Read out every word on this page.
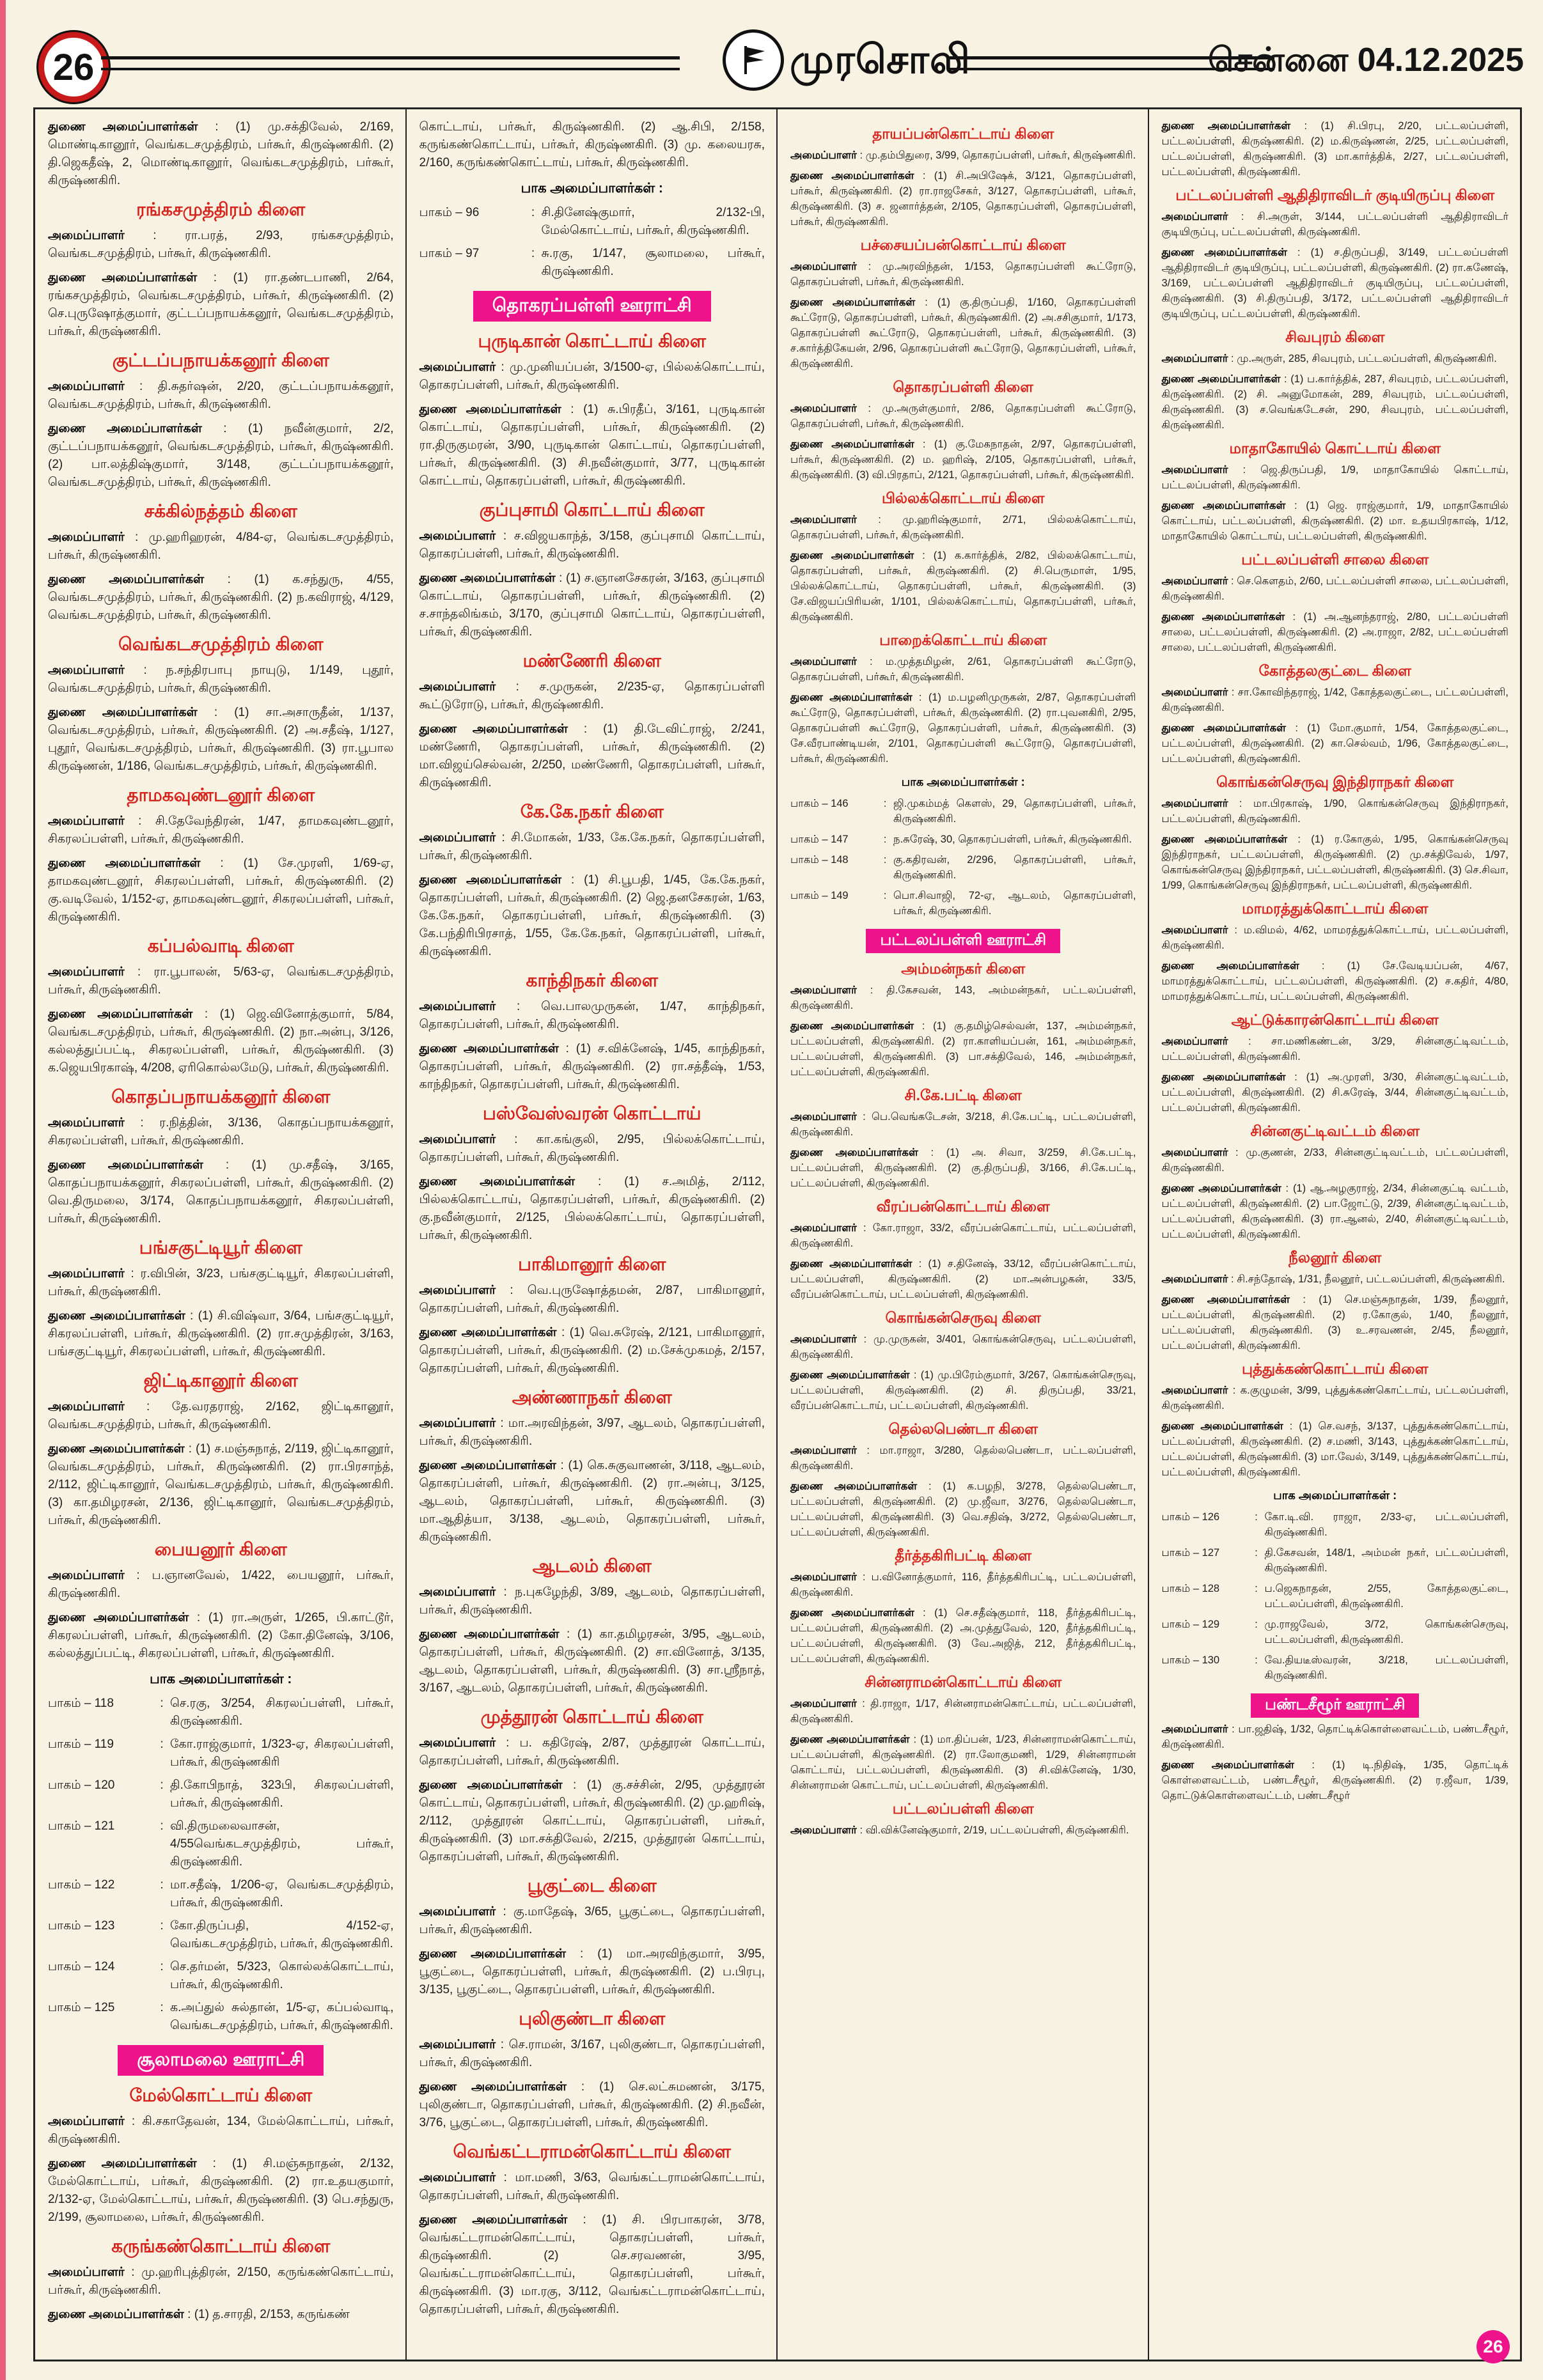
26	முரசொலி	சென்னை 04.12.2025

துணை அமைப்பாளர்கள் : (1) மு.சக்திவேல், 2/169, மொண்டிகானூர், வெங்கடசமுத்திரம், பர்கூர், கிருஷ்ணகிரி. (2) தி.ஜெகதீஷ், 2, மொண்டிகானூர், வெங்கடசமுத்திரம், பர்கூர், கிருஷ்ணகிரி.

ரங்கசமுத்திரம் கிளை

அமைப்பாளர் : ரா.பரத், 2/93, ரங்கசமுத்திரம், வெங்கடசமுத்திரம், பர்கூர், கிருஷ்ணகிரி.

துணை அமைப்பாளர்கள் : (1) ரா.தண்டபாணி, 2/64, ரங்கசமுத்திரம், வெங்கடசமுத்திரம், பர்கூர், கிருஷ்ணகிரி. (2) செ.புருஷோத்குமார், குட்டப்பநாயக்கனூர், வெங்கடசமுத்திரம், பர்கூர், கிருஷ்ணகிரி.

குட்டப்பநாயக்கனூர் கிளை

அமைப்பாளர் : தி.சுதர்ஷன், 2/20, குட்டப்பநாயக்கனூர், வெங்கடசமுத்திரம், பர்கூர், கிருஷ்ணகிரி.

துணை அமைப்பாளர்கள் : (1) நவீன்குமார், 2/2, குட்டப்பநாயக்கனூர், வெங்கடசமுத்திரம், பர்கூர், கிருஷ்ணகிரி. (2) பா.லத்திஷ்குமார், 3/148, குட்டப்பநாயக்கனூர், வெங்கடசமுத்திரம், பர்கூர், கிருஷ்ணகிரி.

சக்கில்நத்தம் கிளை

அமைப்பாளர் : மு.ஹரிஹரன், 4/84-ஏ, வெங்கடசமுத்திரம், பர்கூர், கிருஷ்ணகிரி.

துணை அமைப்பாளர்கள் : (1) க.சந்துரு, 4/55, வெங்கடசமுத்திரம், பர்கூர், கிருஷ்ணகிரி. (2) ந.கவிராஜ், 4/129, வெங்கடசமுத்திரம், பர்கூர், கிருஷ்ணகிரி.

வெங்கடசமுத்திரம் கிளை

அமைப்பாளர் : ந.சந்திரபாபு நாயுடு, 1/149, புதூர், வெங்கடசமுத்திரம், பர்கூர், கிருஷ்ணகிரி.

துணை அமைப்பாளர்கள் : (1) சா.அசாருதீன், 1/137, வெங்கடசமுத்திரம், பர்கூர், கிருஷ்ணகிரி. (2) அ.சதீஷ், 1/127, புதூர், வெங்கடசமுத்திரம், பர்கூர், கிருஷ்ணகிரி. (3) ரா.பூபால கிருஷ்ணன், 1/186, வெங்கடசமுத்திரம், பர்கூர், கிருஷ்ணகிரி.

தாமகவுண்டனூர் கிளை

அமைப்பாளர் : சி.தேவேந்திரன், 1/47, தாமகவுண்டனூர், சிகரலப்பள்ளி, பர்கூர், கிருஷ்ணகிரி.

துணை அமைப்பாளர்கள் : (1) சே.முரளி, 1/69-ஏ, தாமகவுண்டனூர், சிகரலப்பள்ளி, பர்கூர், கிருஷ்ணகிரி. (2) கு.வடிவேல், 1/152-ஏ, தாமகவுண்டனூர், சிகரலப்பள்ளி, பர்கூர், கிருஷ்ணகிரி.

கப்பல்வாடி கிளை

அமைப்பாளர் : ரா.பூபாலன், 5/63-ஏ, வெங்கடசமுத்திரம், பர்கூர், கிருஷ்ணகிரி.

துணை அமைப்பாளர்கள் : (1) ஜெ.வினோத்குமார், 5/84, வெங்கடசமுத்திரம், பர்கூர், கிருஷ்ணகிரி. (2) நா.அன்பு, 3/126, கல்லத்துப்பட்டி, சிகரலப்பள்ளி, பர்கூர், கிருஷ்ணகிரி. (3) க.ஜெயபிரகாஷ், 4/208, ஏரிகொல்லமேடு, பர்கூர், கிருஷ்ணகிரி.

கொதப்பநாயக்கனூர் கிளை

அமைப்பாளர் : ர.நித்தின், 3/136, கொதப்பநாயக்கனூர், சிகரலப்பள்ளி, பர்கூர், கிருஷ்ணகிரி.

துணை அமைப்பாளர்கள் : (1) மு.சதீஷ், 3/165, கொதப்பநாயக்கனூர், சிகரலப்பள்ளி, பர்கூர், கிருஷ்ணகிரி. (2) வெ.திருமலை, 3/174, கொதப்பநாயக்கனூர், சிகரலப்பள்ளி, பர்கூர், கிருஷ்ணகிரி.

பங்சகுட்டியூர் கிளை

அமைப்பாளர் : ர.விபின், 3/23, பங்சகுட்டியூர், சிகரலப்பள்ளி, பர்கூர், கிருஷ்ணகிரி.

துணை அமைப்பாளர்கள் : (1) சி.விஷ்வா, 3/64, பங்சகுட்டியூர், சிகரலப்பள்ளி, பர்கூர், கிருஷ்ணகிரி. (2) ரா.சமுத்திரன், 3/163, பங்சகுட்டியூர், சிகரலப்பள்ளி, பர்கூர், கிருஷ்ணகிரி.

ஜிட்டிகானூர் கிளை

அமைப்பாளர் : தே.வரதராஜ், 2/162, ஜிட்டிகானூர், வெங்கடசமுத்திரம், பர்கூர், கிருஷ்ணகிரி.

துணை அமைப்பாளர்கள் : (1) ச.மஞ்சுநாத், 2/119, ஜிட்டிகானூர், வெங்கடசமுத்திரம், பர்கூர், கிருஷ்ணகிரி. (2) ரா.பிரசாந்த், 2/112, ஜிட்டிகானூர், வெங்கடசமுத்திரம், பர்கூர், கிருஷ்ணகிரி. (3) கா.தமிழரசன், 2/136, ஜிட்டிகானூர், வெங்கடசமுத்திரம், பர்கூர், கிருஷ்ணகிரி.

பையனூர் கிளை

அமைப்பாளர் : ப.ஞானவேல், 1/422, பையனூர், பர்கூர், கிருஷ்ணகிரி.

துணை அமைப்பாளர்கள் : (1) ரா.அருள், 1/265, பி.காட்டூர், சிகரலப்பள்ளி, பர்கூர், கிருஷ்ணகிரி. (2) கோ.தினேஷ், 3/106, கல்லத்துப்பட்டி, சிகரலப்பள்ளி, பர்கூர், கிருஷ்ணகிரி.

பாக அமைப்பாளர்கள் :
பாகம் – 118	: செ.ரகு, 3/254, சிகரலப்பள்ளி, பர்கூர், கிருஷ்ணகிரி.
பாகம் – 119	: கோ.ராஜ்குமார், 1/323-ஏ, சிகரலப்பள்ளி, பர்கூர், கிருஷ்ணகிரி
பாகம் – 120	: தி.கோபிநாத், 323பி, சிகரலப்பள்ளி, பர்கூர், கிருஷ்ணகிரி.
பாகம் – 121	: வி.திருமலைவாசன், 4/55வெங்கடசமுத்திரம், பர்கூர், கிருஷ்ணகிரி.
பாகம் – 122	: மா.சதீஷ், 1/206-ஏ, வெங்கடசமுத்திரம், பர்கூர், கிருஷ்ணகிரி.
பாகம் – 123	: கோ.திருப்பதி, 4/152-ஏ, வெங்கடசமுத்திரம், பர்கூர், கிருஷ்ணகிரி.
பாகம் – 124	: செ.தர்மன், 5/323, கொல்லக்கொட்டாய், பர்கூர், கிருஷ்ணகிரி.
பாகம் – 125	: க.அப்துல் சுல்தான், 1/5-ஏ, கப்பல்வாடி, வெங்கடசமுத்திரம், பர்கூர், கிருஷ்ணகிரி.
சூலாமலை ஊராட்சி
மேல்கொட்டாய் கிளை

அமைப்பாளர் : கி.சகாதேவன், 134, மேல்கொட்டாய், பர்கூர், கிருஷ்ணகிரி.

துணை அமைப்பாளர்கள் : (1) சி.மஞ்சுநாதன், 2/132, மேல்கொட்டாய், பர்கூர், கிருஷ்ணகிரி. (2) ரா.உதயகுமார், 2/132-ஏ, மேல்கொட்டாய், பர்கூர், கிருஷ்ணகிரி. (3) பெ.சந்துரு, 2/199, சூலாமலை, பர்கூர், கிருஷ்ணகிரி.

கருங்கண்கொட்டாய் கிளை

அமைப்பாளர் : மு.ஹரிபுத்திரன், 2/150, கருங்கண்கொட்டாய், பர்கூர், கிருஷ்ணகிரி.

துணை அமைப்பாளர்கள் : (1) த.சாரதி, 2/153, கருங்கண்

கொட்டாய், பர்கூர், கிருஷ்ணகிரி. (2) ஆ.சிபி, 2/158, கருங்கண்கொட்டாய், பர்கூர், கிருஷ்ணகிரி. (3) மு. கலையரசு, 2/160, கருங்கண்கொட்டாய், பர்கூர், கிருஷ்ணகிரி.

பாக அமைப்பாளர்கள் :
பாகம் – 96	: சி.தினேஷ்குமார், 2/132-பி, மேல்கொட்டாய், பர்கூர், கிருஷ்ணகிரி.
பாகம் – 97	: சு.ரகு, 1/147, சூலாமலை, பர்கூர், கிருஷ்ணகிரி.
தொகரப்பள்ளி ஊராட்சி
புருடிகான் கொட்டாய் கிளை

அமைப்பாளர் : மு.முனியப்பன், 3/1500-ஏ, பில்லக்கொட்டாய், தொகரப்பள்ளி, பர்கூர், கிருஷ்ணகிரி.

துணை அமைப்பாளர்கள் : (1) சு.பிரதீப், 3/161, புருடிகான் கொட்டாய், தொகரப்பள்ளி, பர்கூர், கிருஷ்ணகிரி. (2) ரா.திருகுமரன், 3/90, புருடிகான் கொட்டாய், தொகரப்பள்ளி, பர்கூர், கிருஷ்ணகிரி. (3) சி.நவீன்குமார், 3/77, புருடிகான் கொட்டாய், தொகரப்பள்ளி, பர்கூர், கிருஷ்ணகிரி.

குப்புசாமி கொட்டாய் கிளை

அமைப்பாளர் : ச.விஜயகாந்த், 3/158, குப்புசாமி கொட்டாய், தொகரப்பள்ளி, பர்கூர், கிருஷ்ணகிரி.

துணை அமைப்பாளர்கள் : (1) ச.ஞானசேகரன், 3/163, குப்புசாமி கொட்டாய், தொகரப்பள்ளி, பர்கூர், கிருஷ்ணகிரி. (2) ச.சாந்தலிங்கம், 3/170, குப்புசாமி கொட்டாய், தொகரப்பள்ளி, பர்கூர், கிருஷ்ணகிரி.

மண்ணேரி கிளை

அமைப்பாளர் : ச.முருகன், 2/235-ஏ, தொகரப்பள்ளி கூட்டுரோடு, பர்கூர், கிருஷ்ணகிரி.

துணை அமைப்பாளர்கள் : (1) தி.டேவிட்ராஜ், 2/241, மண்ணேரி, தொகரப்பள்ளி, பர்கூர், கிருஷ்ணகிரி. (2) மா.விஜய்செல்வன், 2/250, மண்ணேரி, தொகரப்பள்ளி, பர்கூர், கிருஷ்ணகிரி.

கே.கே.நகர் கிளை

அமைப்பாளர் : சி.மோகன், 1/33, கே.கே.நகர், தொகரப்பள்ளி, பர்கூர், கிருஷ்ணகிரி.

துணை அமைப்பாளர்கள் : (1) சி.பூபதி, 1/45, கே.கே.நகர், தொகரப்பள்ளி, பர்கூர், கிருஷ்ணகிரி. (2) ஜெ.தனசேகரன், 1/63, கே.கே.நகர், தொகரப்பள்ளி, பர்கூர், கிருஷ்ணகிரி. (3) கே.பந்திரிபிரசாத், 1/55, கே.கே.நகர், தொகரப்பள்ளி, பர்கூர், கிருஷ்ணகிரி.

காந்திநகர் கிளை

அமைப்பாளர் : வெ.பாலமுருகன், 1/47, காந்திநகர், தொகரப்பள்ளி, பர்கூர், கிருஷ்ணகிரி.

துணை அமைப்பாளர்கள் : (1) ச.விக்னேஷ், 1/45, காந்திநகர், தொகரப்பள்ளி, பர்கூர், கிருஷ்ணகிரி. (2) ரா.சத்தீஷ், 1/53, காந்திநகர், தொகரப்பள்ளி, பர்கூர், கிருஷ்ணகிரி.

பஸ்வேஸ்வரன் கொட்டாய்

அமைப்பாளர் : கா.கங்குலி, 2/95, பில்லக்கொட்டாய், தொகரப்பள்ளி, பர்கூர், கிருஷ்ணகிரி.

துணை அமைப்பாளர்கள் : (1) ச.அமித், 2/112, பில்லக்கொட்டாய், தொகரப்பள்ளி, பர்கூர், கிருஷ்ணகிரி. (2) கு.நவீன்குமார், 2/125, பில்லக்கொட்டாய், தொகரப்பள்ளி, பர்கூர், கிருஷ்ணகிரி.

பாகிமானூர் கிளை

அமைப்பாளர் : வெ.புருஷோத்தமன், 2/87, பாகிமானூர், தொகரப்பள்ளி, பர்கூர், கிருஷ்ணகிரி.

துணை அமைப்பாளர்கள் : (1) வெ.சுரேஷ், 2/121, பாகிமானூர், தொகரப்பள்ளி, பர்கூர், கிருஷ்ணகிரி. (2) ம.சேக்முகமத், 2/157, தொகரப்பள்ளி, பர்கூர், கிருஷ்ணகிரி.

அண்ணாநகர் கிளை

அமைப்பாளர் : மா.அரவிந்தன், 3/97, ஆடலம், தொகரப்பள்ளி, பர்கூர், கிருஷ்ணகிரி.

துணை அமைப்பாளர்கள் : (1) கெ.சுகுவாணன், 3/118, ஆடலம், தொகரப்பள்ளி, பர்கூர், கிருஷ்ணகிரி. (2) ரா.அன்பு, 3/125, ஆடலம், தொகரப்பள்ளி, பர்கூர், கிருஷ்ணகிரி. (3) மா.ஆதித்யா, 3/138, ஆடலம், தொகரப்பள்ளி, பர்கூர், கிருஷ்ணகிரி.

ஆடலம் கிளை

அமைப்பாளர் : ந.புகழேந்தி, 3/89, ஆடலம், தொகரப்பள்ளி, பர்கூர், கிருஷ்ணகிரி.

துணை அமைப்பாளர்கள் : (1) கா.தமிழரசன், 3/95, ஆடலம், தொகரப்பள்ளி, பர்கூர், கிருஷ்ணகிரி. (2) சா.வினோத், 3/135, ஆடலம், தொகரப்பள்ளி, பர்கூர், கிருஷ்ணகிரி. (3) சா.ஸ்ரீநாத், 3/167, ஆடலம், தொகரப்பள்ளி, பர்கூர், கிருஷ்ணகிரி.

முத்தூரன் கொட்டாய் கிளை

அமைப்பாளர் : ப. கதிரேஷ், 2/87, முத்தூரன் கொட்டாய், தொகரப்பள்ளி, பர்கூர், கிருஷ்ணகிரி.

துணை அமைப்பாளர்கள் : (1) கு.சச்சின், 2/95, முத்தூரன் கொட்டாய், தொகரப்பள்ளி, பர்கூர், கிருஷ்ணகிரி. (2) மு.ஹரிஷ், 2/112, முத்தூரன் கொட்டாய், தொகரப்பள்ளி, பர்கூர், கிருஷ்ணகிரி. (3) மா.சக்திவேல், 2/215, முத்தூரன் கொட்டாய், தொகரப்பள்ளி, பர்கூர், கிருஷ்ணகிரி.

பூகுட்டை கிளை

அமைப்பாளர் : கு.மாதேஷ், 3/65, பூகுட்டை, தொகரப்பள்ளி, பர்கூர், கிருஷ்ணகிரி.

துணை அமைப்பாளர்கள் : (1) மா.அரவிந்குமார், 3/95, பூகுட்டை, தொகரப்பள்ளி, பர்கூர், கிருஷ்ணகிரி. (2) ப.பிரபு, 3/135, பூகுட்டை, தொகரப்பள்ளி, பர்கூர், கிருஷ்ணகிரி.

புலிகுண்டா கிளை

அமைப்பாளர் : செ.ராமன், 3/167, புலிகுண்டா, தொகரப்பள்ளி, பர்கூர், கிருஷ்ணகிரி.

துணை அமைப்பாளர்கள் : (1) செ.லட்சுமணன், 3/175, புலிகுண்டா, தொகரப்பள்ளி, பர்கூர், கிருஷ்ணகிரி. (2) சி.நவீன், 3/76, பூகுட்டை, தொகரப்பள்ளி, பர்கூர், கிருஷ்ணகிரி.

வெங்கட்டராமன்கொட்டாய் கிளை

அமைப்பாளர் : மா.மணி, 3/63, வெங்கட்டராமன்கொட்டாய், தொகரப்பள்ளி, பர்கூர், கிருஷ்ணகிரி.

துணை அமைப்பாளர்கள் : (1) சி. பிரபாகரன், 3/78, வெங்கட்டராமன்கொட்டாய், தொகரப்பள்ளி, பர்கூர், கிருஷ்ணகிரி. (2) செ.சரவணன், 3/95, வெங்கட்டராமன்கொட்டாய், தொகரப்பள்ளி, பர்கூர், கிருஷ்ணகிரி. (3) மா.ரகு, 3/112, வெங்கட்டராமன்கொட்டாய், தொகரப்பள்ளி, பர்கூர், கிருஷ்ணகிரி.

தாயப்பன்கொட்டாய் கிளை

அமைப்பாளர் : மு.தம்பிதுரை, 3/99, தொகரப்பள்ளி, பர்கூர், கிருஷ்ணகிரி.

துணை அமைப்பாளர்கள் : (1) சி.அபிஷேக், 3/121, தொகரப்பள்ளி, பர்கூர், கிருஷ்ணகிரி. (2) ரா.ராஜசேகர், 3/127, தொகரப்பள்ளி, பர்கூர், கிருஷ்ணகிரி. (3) ச. ஜனார்த்தன், 2/105, தொகரப்பள்ளி, தொகரப்பள்ளி, பர்கூர், கிருஷ்ணகிரி.

பச்சையப்பன்கொட்டாய் கிளை

அமைப்பாளர் : மு.அரவிந்தன், 1/153, தொகரப்பள்ளி கூட்ரோடு, தொகரப்பள்ளி, பர்கூர், கிருஷ்ணகிரி.

துணை அமைப்பாளர்கள் : (1) கு.திருப்பதி, 1/160, தொகரப்பள்ளி கூட்ரோடு, தொகரப்பள்ளி, பர்கூர், கிருஷ்ணகிரி. (2) அ.சசிகுமார், 1/173, தொகரப்பள்ளி கூட்ரோடு, தொகரப்பள்ளி, பர்கூர், கிருஷ்ணகிரி. (3) ச.கார்த்திகேயன், 2/96, தொகரப்பள்ளி கூட்ரோடு, தொகரப்பள்ளி, பர்கூர், கிருஷ்ணகிரி.

தொகரப்பள்ளி கிளை

அமைப்பாளர் : மு.அருள்குமார், 2/86, தொகரப்பள்ளி கூட்ரோடு, தொகரப்பள்ளி, பர்கூர், கிருஷ்ணகிரி.

துணை அமைப்பாளர்கள் : (1) கு.மேகநாதன், 2/97, தொகரப்பள்ளி, பர்கூர், கிருஷ்ணகிரி. (2) ம. ஹரிஷ், 2/105, தொகரப்பள்ளி, பர்கூர், கிருஷ்ணகிரி. (3) வி.பிரதாப், 2/121, தொகரப்பள்ளி, பர்கூர், கிருஷ்ணகிரி.

பில்லக்கொட்டாய் கிளை

அமைப்பாளர் : மு.ஹரிஷ்குமார், 2/71, பில்லக்கொட்டாய், தொகரப்பள்ளி, பர்கூர், கிருஷ்ணகிரி.

துணை அமைப்பாளர்கள் : (1) க.கார்த்திக், 2/82, பில்லக்கொட்டாய், தொகரப்பள்ளி, பர்கூர், கிருஷ்ணகிரி. (2) சி.பெருமாள், 1/95, பில்லக்கொட்டாய், தொகரப்பள்ளி, பர்கூர், கிருஷ்ணகிரி. (3) சே.விஜயப்பிரியன், 1/101, பில்லக்கொட்டாய், தொகரப்பள்ளி, பர்கூர், கிருஷ்ணகிரி.

பாறைக்கொட்டாய் கிளை

அமைப்பாளர் : ம.முத்தமிழன், 2/61, தொகரப்பள்ளி கூட்ரோடு, தொகரப்பள்ளி, பர்கூர், கிருஷ்ணகிரி.

துணை அமைப்பாளர்கள் : (1) ம.பழனிமுருகன், 2/87, தொகரப்பள்ளி கூட்ரோடு, தொகரப்பள்ளி, பர்கூர், கிருஷ்ணகிரி. (2) ரா.புவனகிரி, 2/95, தொகரப்பள்ளி கூட்ரோடு, தொகரப்பள்ளி, பர்கூர், கிருஷ்ணகிரி. (3) சே.வீரபாண்டியன், 2/101, தொகரப்பள்ளி கூட்ரோடு, தொகரப்பள்ளி, பர்கூர், கிருஷ்ணகிரி.

பாக அமைப்பாளர்கள் :
பாகம் – 146	: ஜி.முகம்மத் கௌஸ், 29, தொகரப்பள்ளி, பர்கூர், கிருஷ்ணகிரி.
பாகம் – 147	: ந.சுரேஷ், 30, தொகரப்பள்ளி, பர்கூர், கிருஷ்ணகிரி.
பாகம் – 148	: கு.கதிரவன், 2/296, தொகரப்பள்ளி, பர்கூர், கிருஷ்ணகிரி.
பாகம் – 149	: பொ.சிவாஜி, 72-ஏ, ஆடலம், தொகரப்பள்ளி, பர்கூர், கிருஷ்ணகிரி.
பட்டலப்பள்ளி ஊராட்சி
அம்மன்நகர் கிளை

அமைப்பாளர் : தி.கேசவன், 143, அம்மன்நகர், பட்டலப்பள்ளி, கிருஷ்ணகிரி.

துணை அமைப்பாளர்கள் : (1) கு.தமிழ்செல்வன், 137, அம்மன்நகர், பட்டலப்பள்ளி, கிருஷ்ணகிரி. (2) ரா.காளியப்பன், 161, அம்மன்நகர், பட்டலப்பள்ளி, கிருஷ்ணகிரி. (3) பா.சக்திவேல், 146, அம்மன்நகர், பட்டலப்பள்ளி, கிருஷ்ணகிரி.

சி.கே.பட்டி கிளை

அமைப்பாளர் : பெ.வெங்கடேசன், 3/218, சி.கே.பட்டி, பட்டலப்பள்ளி, கிருஷ்ணகிரி.

துணை அமைப்பாளர்கள் : (1) அ. சிவா, 3/259, சி.கே.பட்டி, பட்டலப்பள்ளி, கிருஷ்ணகிரி. (2) கு.திருப்பதி, 3/166, சி.கே.பட்டி, பட்டலப்பள்ளி, கிருஷ்ணகிரி.

வீரப்பன்கொட்டாய் கிளை

அமைப்பாளர் : கோ.ராஜா, 33/2, வீரப்பன்கொட்டாய், பட்டலப்பள்ளி, கிருஷ்ணகிரி.

துணை அமைப்பாளர்கள் : (1) ச.தினேஷ், 33/12, வீரப்பன்கொட்டாய், பட்டலப்பள்ளி, கிருஷ்ணகிரி. (2) மா.அன்பழகன், 33/5, வீரப்பன்கொட்டாய், பட்டலப்பள்ளி, கிருஷ்ணகிரி.

கொங்கன்செருவு கிளை

அமைப்பாளர் : மு.முருகன், 3/401, கொங்கன்செருவு, பட்டலப்பள்ளி, கிருஷ்ணகிரி.

துணை அமைப்பாளர்கள் : (1) மு.பிரேம்குமார், 3/267, கொங்கன்செருவு, பட்டலப்பள்ளி, கிருஷ்ணகிரி. (2) சி. திருப்பதி, 33/21, வீரப்பன்கொட்டாய், பட்டலப்பள்ளி, கிருஷ்ணகிரி.

தெல்லபெண்டா கிளை

அமைப்பாளர் : மா.ராஜா, 3/280, தெல்லபெண்டா, பட்டலப்பள்ளி, கிருஷ்ணகிரி.

துணை அமைப்பாளர்கள் : (1) க.பழநி, 3/278, தெல்லபெண்டா, பட்டலப்பள்ளி, கிருஷ்ணகிரி. (2) மு.ஜீவா, 3/276, தெல்லபெண்டா, பட்டலப்பள்ளி, கிருஷ்ணகிரி. (3) வெ.சதிஷ், 3/272, தெல்லபெண்டா, பட்டலப்பள்ளி, கிருஷ்ணகிரி.

தீர்த்தகிரிபட்டி கிளை

அமைப்பாளர் : ப.வினோத்குமார், 116, தீர்த்தகிரிபட்டி, பட்டலப்பள்ளி, கிருஷ்ணகிரி.

துணை அமைப்பாளர்கள் : (1) செ.சதீஷ்குமார், 118, தீர்த்தகிரிபட்டி, பட்டலப்பள்ளி, கிருஷ்ணகிரி. (2) அ.முத்துவேல், 120, தீர்த்தகிரிபட்டி, பட்டலப்பள்ளி, கிருஷ்ணகிரி. (3) வே.அஜித், 212, தீர்த்தகிரிபட்டி, பட்டலப்பள்ளி, கிருஷ்ணகிரி.

சின்னராமன்கொட்டாய் கிளை

அமைப்பாளர் : தி.ராஜா, 1/17, சின்னராமன்கொட்டாய், பட்டலப்பள்ளி, கிருஷ்ணகிரி.

துணை அமைப்பாளர்கள் : (1) மா.திப்பன், 1/23, சின்னராமன்கொட்டாய், பட்டலப்பள்ளி, கிருஷ்ணகிரி. (2) ரா.லோகுமணி, 1/29, சின்னராமன் கொட்டாய், பட்டலப்பள்ளி, கிருஷ்ணகிரி. (3) சி.விக்னேஷ், 1/30, சின்னராமன் கொட்டாய், பட்டலப்பள்ளி, கிருஷ்ணகிரி.

பட்டலப்பள்ளி கிளை

அமைப்பாளர் : வி.விக்னேஷ்குமார், 2/19, பட்டலப்பள்ளி, கிருஷ்ணகிரி.

துணை அமைப்பாளர்கள் : (1) சி.பிரபு, 2/20, பட்டலப்பள்ளி, பட்டலப்பள்ளி, கிருஷ்ணகிரி. (2) ம.கிருஷ்ணன், 2/25, பட்டலப்பள்ளி, பட்டலப்பள்ளி, கிருஷ்ணகிரி. (3) மா.கார்த்திக், 2/27, பட்டலப்பள்ளி, பட்டலப்பள்ளி, கிருஷ்ணகிரி.

பட்டலப்பள்ளி ஆதிதிராவிடர் குடியிருப்பு கிளை

அமைப்பாளர் : சி.அருள், 3/144, பட்டலப்பள்ளி ஆதிதிராவிடர் குடியிருப்பு, பட்டலப்பள்ளி, கிருஷ்ணகிரி.

துணை அமைப்பாளர்கள் : (1) ச.திருப்பதி, 3/149, பட்டலப்பள்ளி ஆதிதிராவிடர் குடியிருப்பு, பட்டலப்பள்ளி, கிருஷ்ணகிரி. (2) ரா.கணேஷ், 3/169, பட்டலப்பள்ளி ஆதிதிராவிடர் குடியிருப்பு, பட்டலப்பள்ளி, கிருஷ்ணகிரி. (3) சி.திருப்பதி, 3/172, பட்டலப்பள்ளி ஆதிதிராவிடர் குடியிருப்பு, பட்டலப்பள்ளி, கிருஷ்ணகிரி.

சிவபுரம் கிளை

அமைப்பாளர் : மு.அருள், 285, சிவபுரம், பட்டலப்பள்ளி, கிருஷ்ணகிரி.

துணை அமைப்பாளர்கள் : (1) ப.கார்த்திக், 287, சிவபுரம், பட்டலப்பள்ளி, கிருஷ்ணகிரி. (2) சி. அனுமோகன், 289, சிவபுரம், பட்டலப்பள்ளி, கிருஷ்ணகிரி. (3) ச.வெங்கடேசன், 290, சிவபுரம், பட்டலப்பள்ளி, கிருஷ்ணகிரி.

மாதாகோயில் கொட்டாய் கிளை

அமைப்பாளர் : ஜெ.திருப்பதி, 1/9, மாதாகோயில் கொட்டாய், பட்டலப்பள்ளி, கிருஷ்ணகிரி.

துணை அமைப்பாளர்கள் : (1) ஜெ. ராஜ்குமார், 1/9, மாதாகோயில் கொட்டாய், பட்டலப்பள்ளி, கிருஷ்ணகிரி. (2) மா. உதயபிரகாஷ், 1/12, மாதாகோயில் கொட்டாய், பட்டலப்பள்ளி, கிருஷ்ணகிரி.

பட்டலப்பள்ளி சாலை கிளை

அமைப்பாளர் : செ.கௌதம், 2/60, பட்டலப்பள்ளி சாலை, பட்டலப்பள்ளி, கிருஷ்ணகிரி.

துணை அமைப்பாளர்கள் : (1) அ.ஆனந்தராஜ், 2/80, பட்டலப்பள்ளி சாலை, பட்டலப்பள்ளி, கிருஷ்ணகிரி. (2) அ.ராஜா, 2/82, பட்டலப்பள்ளி சாலை, பட்டலப்பள்ளி, கிருஷ்ணகிரி.

கோத்தலகுட்டை கிளை

அமைப்பாளர் : சா.கோவிந்தராஜ், 1/42, கோத்தலகுட்டை, பட்டலப்பள்ளி, கிருஷ்ணகிரி.

துணை அமைப்பாளர்கள் : (1) மோ.குமார், 1/54, கோத்தலகுட்டை, பட்டலப்பள்ளி, கிருஷ்ணகிரி. (2) கா.செல்வம், 1/96, கோத்தலகுட்டை, பட்டலப்பள்ளி, கிருஷ்ணகிரி.

கொங்கன்செருவு இந்திராநகர் கிளை

அமைப்பாளர் : மா.பிரகாஷ், 1/90, கொங்கன்செருவு இந்திராநகர், பட்டலப்பள்ளி, கிருஷ்ணகிரி.

துணை அமைப்பாளர்கள் : (1) ர.கோகுல், 1/95, கொங்கன்செருவு இந்திராநகர், பட்டலப்பள்ளி, கிருஷ்ணகிரி. (2) மு.சக்திவேல், 1/97, கொங்கன்செருவு இந்திராநகர், பட்டலப்பள்ளி, கிருஷ்ணகிரி. (3) செ.சிவா, 1/99, கொங்கன்செருவு இந்திராநகர், பட்டலப்பள்ளி, கிருஷ்ணகிரி.

மாமரத்துக்கொட்டாய் கிளை

அமைப்பாளர் : ம.விமல், 4/62, மாமரத்துக்கொட்டாய், பட்டலப்பள்ளி, கிருஷ்ணகிரி.

துணை அமைப்பாளர்கள் : (1) சே.வேடியப்பன், 4/67, மாமரத்துக்கொட்டாய், பட்டலப்பள்ளி, கிருஷ்ணகிரி. (2) ச.கதிர், 4/80, மாமரத்துக்கொட்டாய், பட்டலப்பள்ளி, கிருஷ்ணகிரி.

ஆட்டுக்காரன்கொட்டாய் கிளை

அமைப்பாளர் : சா.மணிகண்டன், 3/29, சின்னகுட்டிவட்டம், பட்டலப்பள்ளி, கிருஷ்ணகிரி.

துணை அமைப்பாளர்கள் : (1) அ.முரளி, 3/30, சின்னகுட்டிவட்டம், பட்டலப்பள்ளி, கிருஷ்ணகிரி. (2) சி.சுரேஷ், 3/44, சின்னகுட்டிவட்டம், பட்டலப்பள்ளி, கிருஷ்ணகிரி.

சின்னகுட்டிவட்டம் கிளை

அமைப்பாளர் : மு.குணன், 2/33, சின்னகுட்டிவட்டம், பட்டலப்பள்ளி, கிருஷ்ணகிரி.

துணை அமைப்பாளர்கள் : (1) ஆ.அழகுராஜ், 2/34, சின்னகுட்டி வட்டம், பட்டலப்பள்ளி, கிருஷ்ணகிரி. (2) பா.ஜோட்டு, 2/39, சின்னகுட்டிவட்டம், பட்டலப்பள்ளி, கிருஷ்ணகிரி. (3) ரா.ஆனல், 2/40, சின்னகுட்டிவட்டம், பட்டலப்பள்ளி, கிருஷ்ணகிரி.

நீலனூர் கிளை

அமைப்பாளர் : சி.சந்தோஷ், 1/31, நீலனூர், பட்டலப்பள்ளி, கிருஷ்ணகிரி.

துணை அமைப்பாளர்கள் : (1) செ.மஞ்சுநாதன், 1/39, நீலனூர், பட்டலப்பள்ளி, கிருஷ்ணகிரி. (2) ர.கோகுல், 1/40, நீலனூர், பட்டலப்பள்ளி, கிருஷ்ணகிரி. (3) உ.சரவணன், 2/45, நீலனூர், பட்டலப்பள்ளி, கிருஷ்ணகிரி.

புத்துக்கண்கொட்டாய் கிளை

அமைப்பாளர் : க.குழுமன், 3/99, புத்துக்கண்கொட்டாய், பட்டலப்பள்ளி, கிருஷ்ணகிரி.

துணை அமைப்பாளர்கள் : (1) செ.வசந், 3/137, புத்துக்கண்கொட்டாய், பட்டலப்பள்ளி, கிருஷ்ணகிரி. (2) ச.மணி, 3/143, புத்துக்கண்கொட்டாய், பட்டலப்பள்ளி, கிருஷ்ணகிரி. (3) மா.வேல், 3/149, புத்துக்கண்கொட்டாய், பட்டலப்பள்ளி, கிருஷ்ணகிரி.

பாக அமைப்பாளர்கள் :
பாகம் – 126	: கோ.டி.வி. ராஜா, 2/33-ஏ, பட்டலப்பள்ளி, கிருஷ்ணகிரி.
பாகம் – 127	: தி.கேசவன், 148/1, அம்மன் நகர், பட்டலப்பள்ளி, கிருஷ்ணகிரி.
பாகம் – 128	: ப.ஜெகநாதன், 2/55, கோத்தலகுட்டை, பட்டலப்பள்ளி, கிருஷ்ணகிரி.
பாகம் – 129	: மு.ராஜவேல், 3/72, கொங்கன்செருவு, பட்டலப்பள்ளி, கிருஷ்ணகிரி.
பாகம் – 130	: வே.தியடீஸ்வரன், 3/218, பட்டலப்பள்ளி, கிருஷ்ணகிரி.
பண்டசீழூர் ஊராட்சி

அமைப்பாளர் : பா.ஜதிஷ், 1/32, தொட்டிக்கொள்ளைவட்டம், பண்டசீழூர், கிருஷ்ணகிரி.

துணை அமைப்பாளர்கள் : (1) டி.நிதிஷ், 1/35, தொட்டிக் கொள்ளைவட்டம், பண்டசீழூர், கிருஷ்ணகிரி. (2) ர.ஜீவா, 1/39, தொட்டுக்கொள்ளைவட்டம், பண்டசீழூர்

26
